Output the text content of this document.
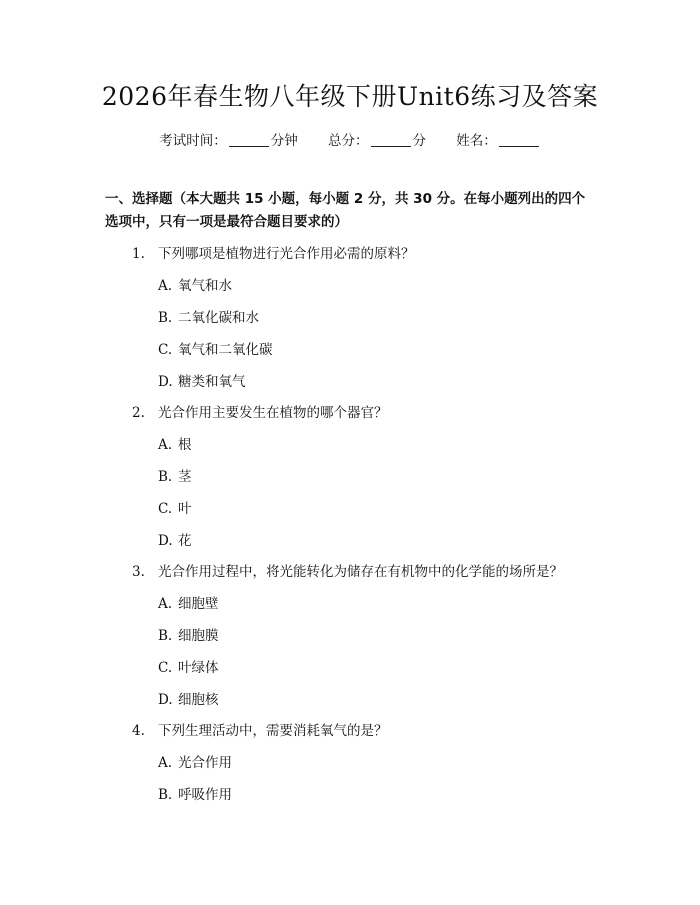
2026年春生物八年级下册Unit6练习及答案
考试时间：	分钟 总分：	分 姓名：
一、选择题（本大题共 15 小题，每小题 2 分，共 30 分。在每小题列出的四个选项中，只有一项是最符合题目要求的）
1. 下列哪项是植物进行光合作用必需的原料？
A. 氧气和水
B. 二氧化碳和水
C. 氧气和二氧化碳
D. 糖类和氧气
2. 光合作用主要发生在植物的哪个器官？
A. 根
B. 茎
C. 叶
D. 花
3. 光合作用过程中，将光能转化为储存在有机物中的化学能的场所是？
A. 细胞壁
B. 细胞膜
C. 叶绿体
D. 细胞核
4. 下列生理活动中，需要消耗氧气的是？
A. 光合作用
B. 呼吸作用
